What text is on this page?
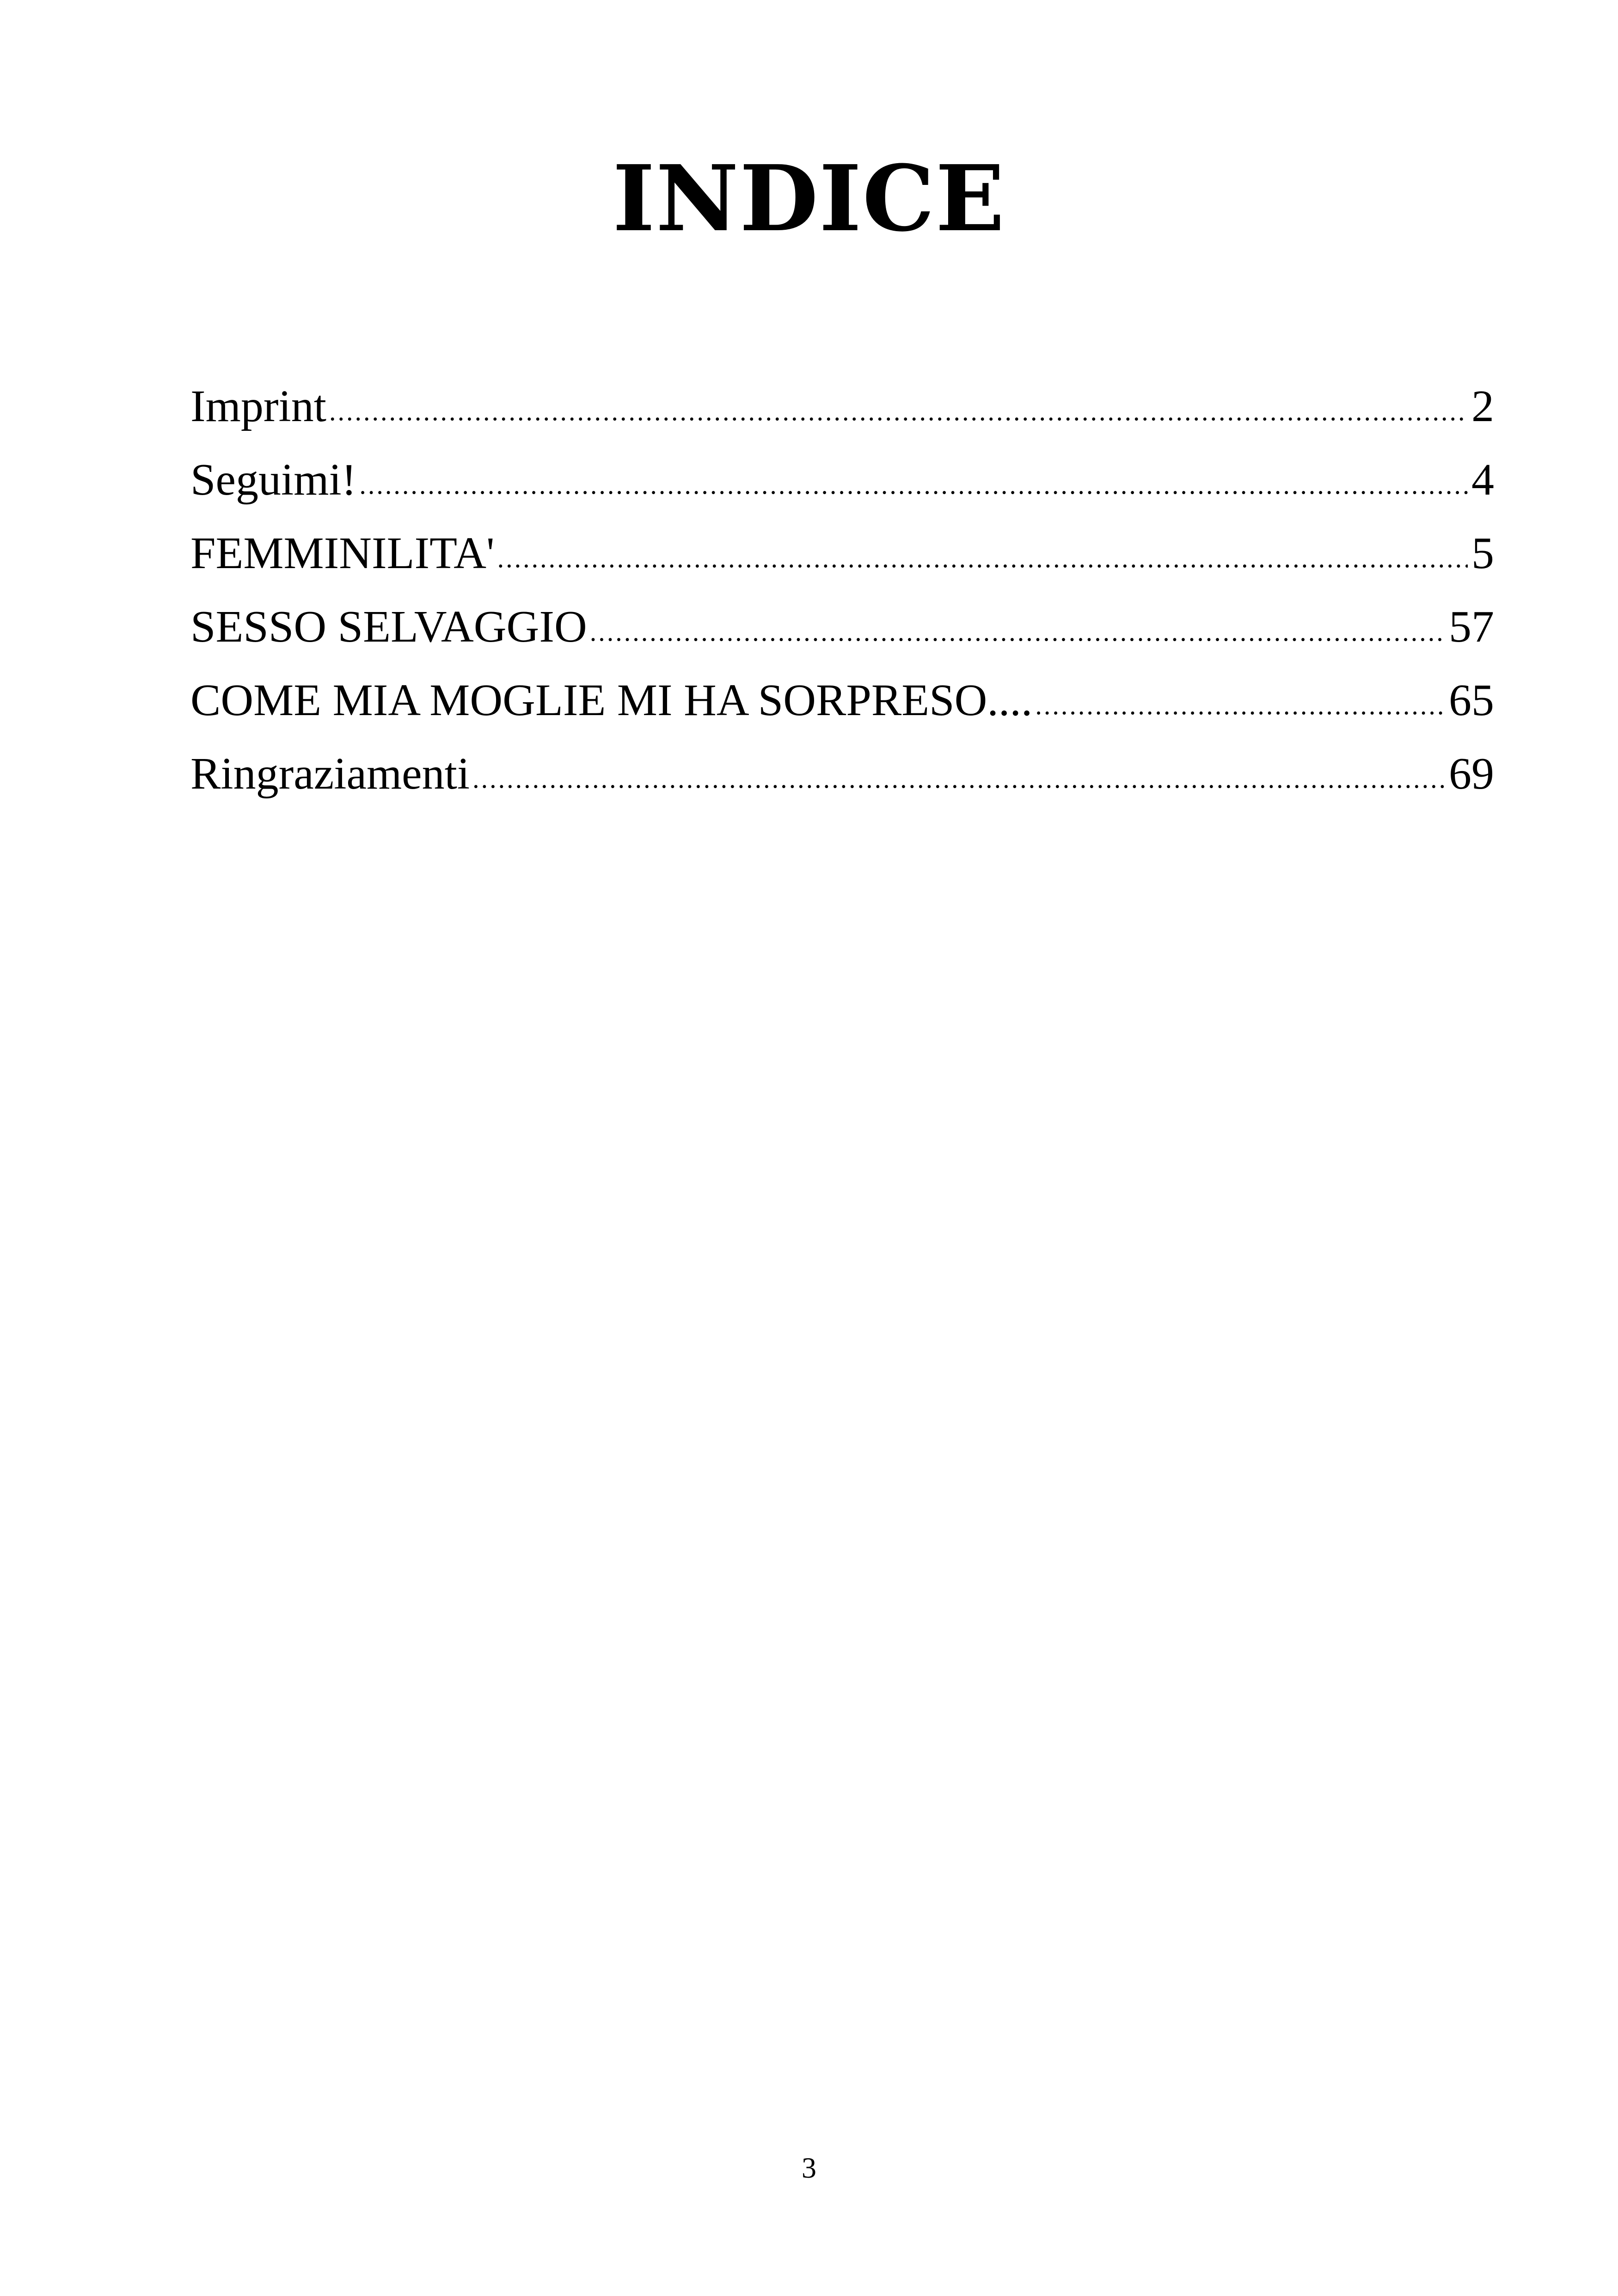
INDICE
Imprint .....	2
Seguimi! .....	4
FEMMINILITA' .....	5
SESSO SELVAGGIO .....	57
COME MIA MOGLIE MI HA SORPRESO.... .....	65
Ringraziamenti .....	69
3
